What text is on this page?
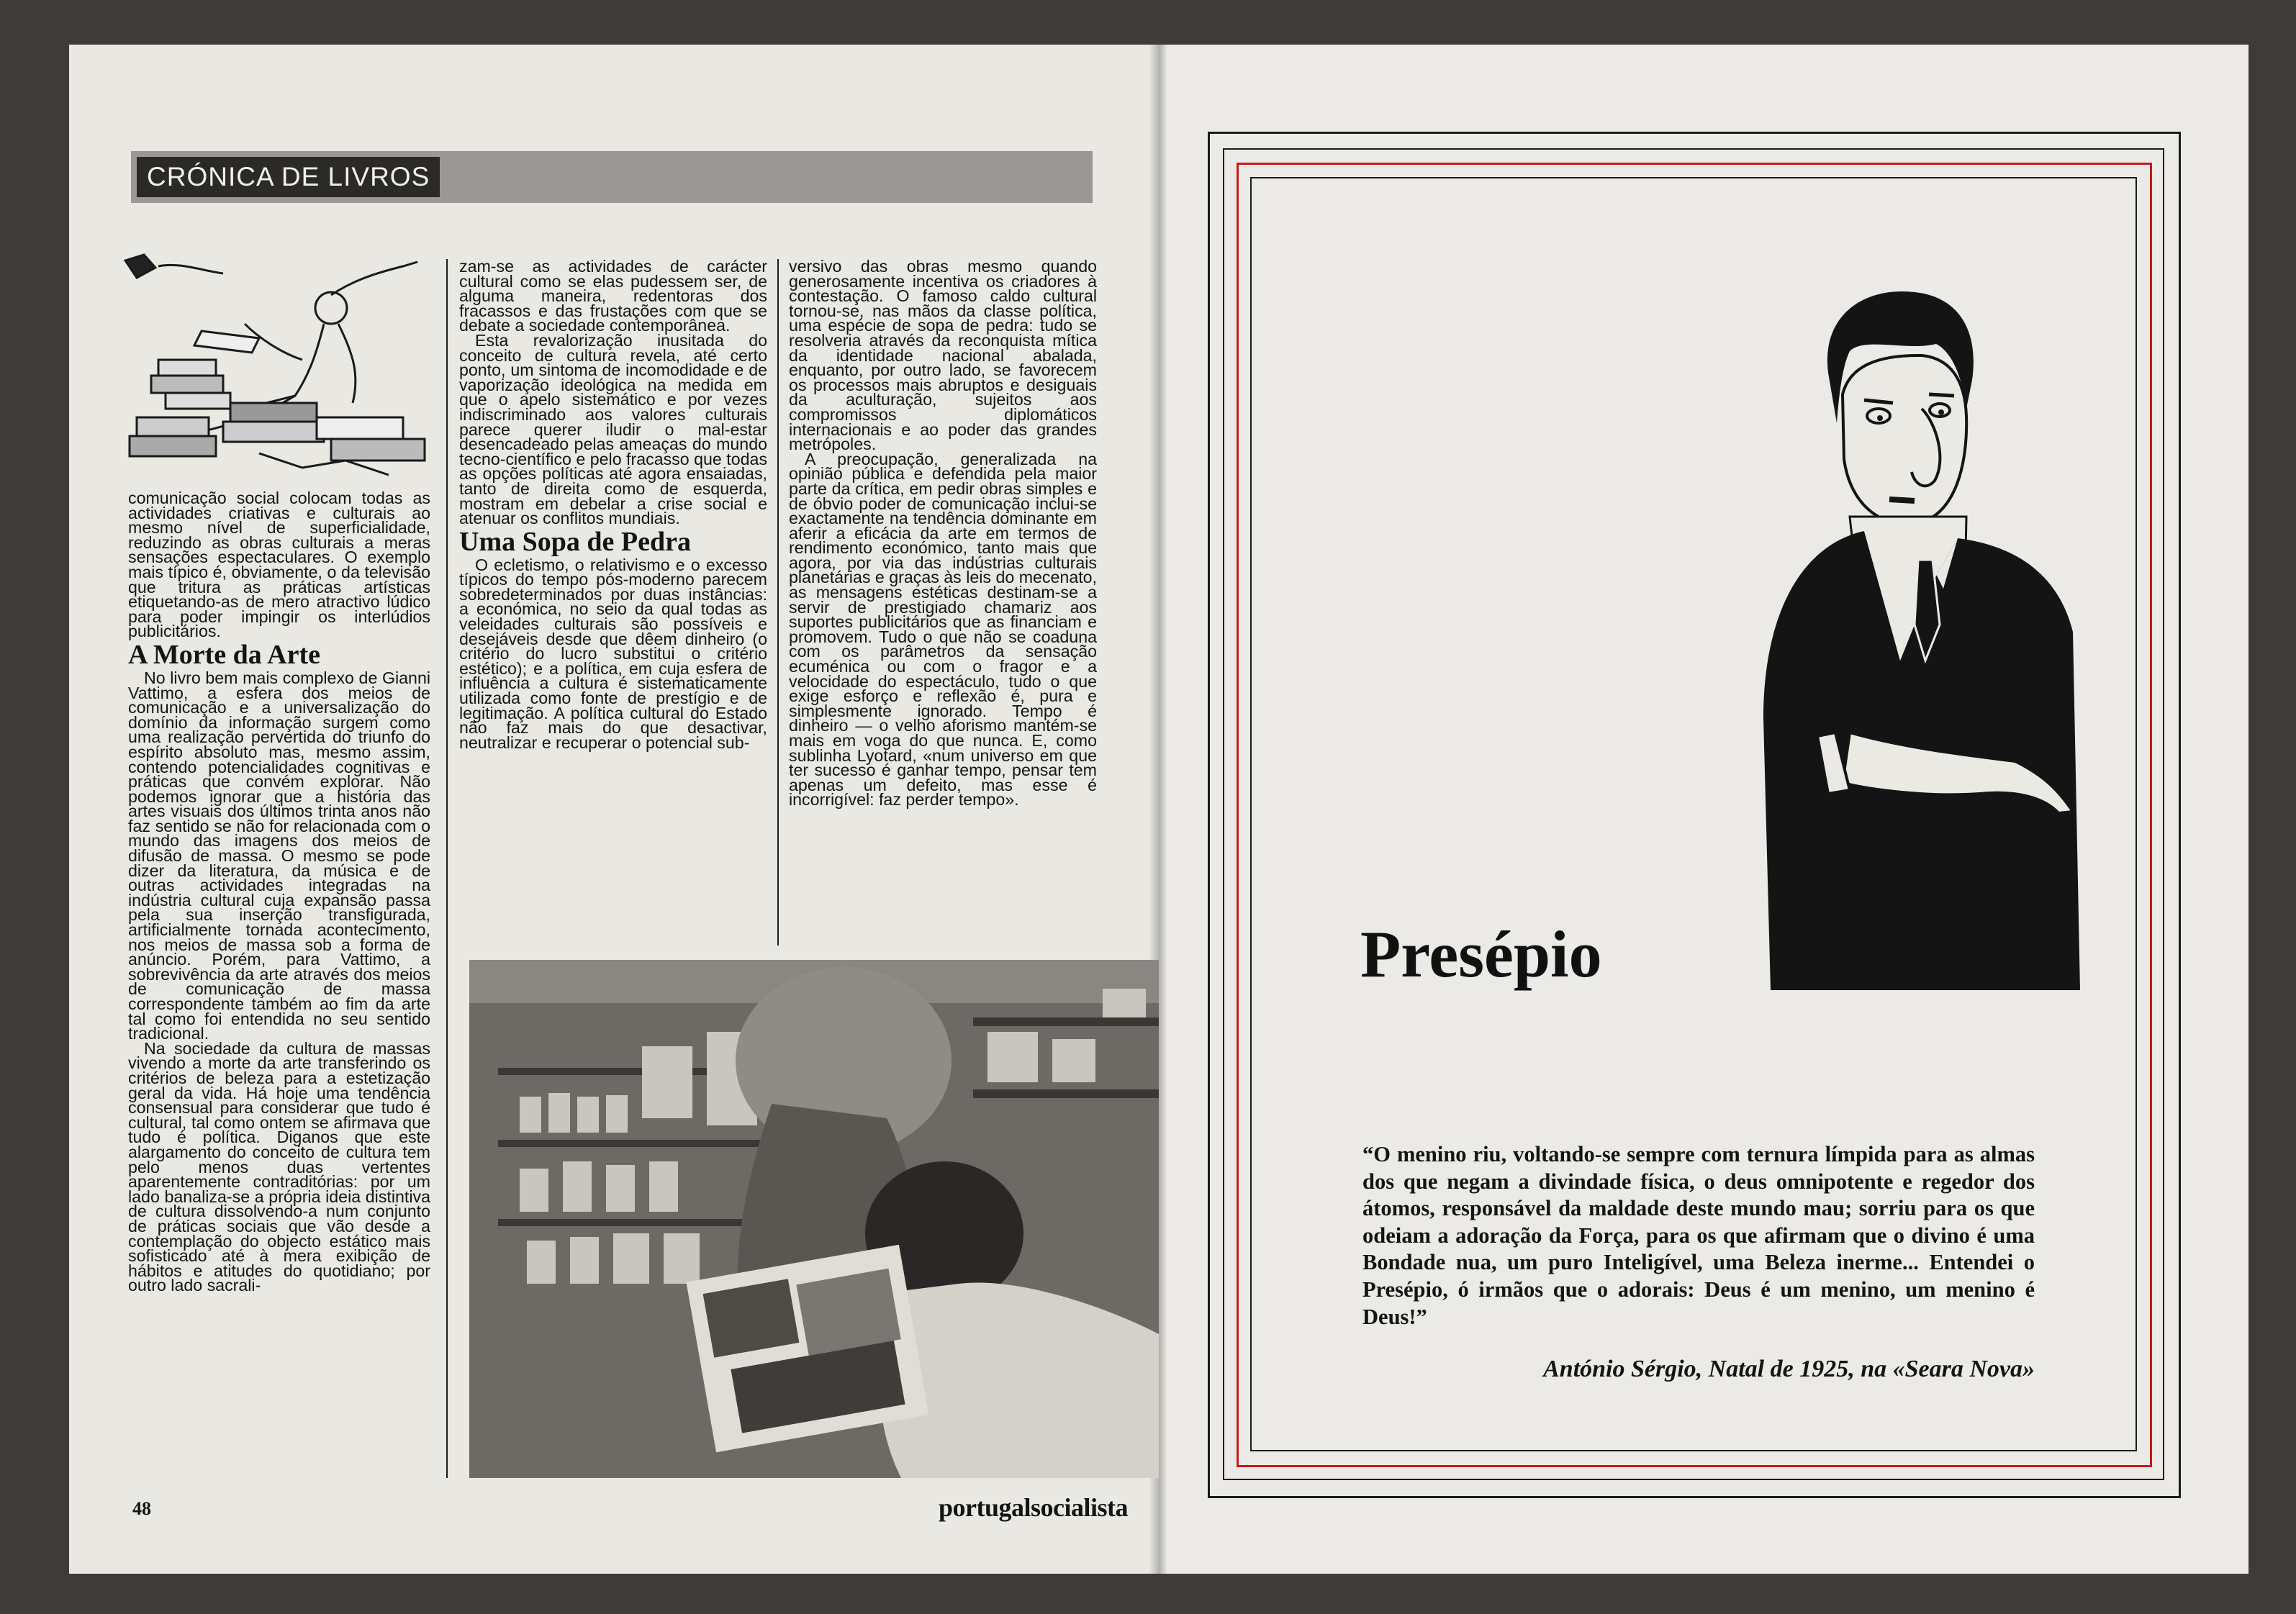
CRÓNICA DE LIVROS

comunicação social colocam todas as actividades criativas e culturais ao mesmo nível de superficialidade, reduzindo as obras culturais a meras sensações espectaculares. O exemplo mais típico é, obviamente, o da televisão que tritura as práticas artísticas etiquetando-as de mero atractivo lúdico para poder impingir os interlúdios publicitários.

A Morte da Arte

No livro bem mais complexo de Gianni Vattimo, a esfera dos meios de comunicação e a universalização do domínio da informação surgem como uma realização pervertida do triunfo do espírito absoluto mas, mesmo assim, contendo potencialidades cognitivas e práticas que convém explorar. Não podemos ignorar que a história das artes visuais dos últimos trinta anos não faz sentido se não for relacionada com o mundo das imagens dos meios de difusão de massa. O mesmo se pode dizer da literatura, da música e de outras actividades integradas na indústria cultural cuja expansão passa pela sua inserção transfigurada, artificialmente tornada acontecimento, nos meios de massa sob a forma de anúncio. Porém, para Vattimo, a sobrevivência da arte através dos meios de comunicação de massa correspondente também ao fim da arte tal como foi entendida no seu sentido tradicional.

Na sociedade da cultura de massas vivendo a morte da arte transferindo os critérios de beleza para a estetização geral da vida. Há hoje uma tendência consensual para considerar que tudo é cultural, tal como ontem se afirmava que tudo é política. Diganos que este alargamento do conceito de cultura tem pelo menos duas vertentes aparentemente contraditórias: por um lado banaliza-se a própria ideia distintiva de cultura dissolvendo-a num conjunto de práticas sociais que vão desde a contemplação do objecto estático mais sofisticado até à mera exibição de hábitos e atitudes do quotidiano; por outro lado sacrali-

zam-se as actividades de carácter cultural como se elas pudessem ser, de alguma maneira, redentoras dos fracassos e das frustações com que se debate a sociedade contemporânea.

Esta revalorização inusitada do conceito de cultura revela, até certo ponto, um sintoma de incomodidade e de vaporização ideológica na medida em que o apelo sistemático e por vezes indiscriminado aos valores culturais parece querer iludir o mal-estar desencadeado pelas ameaças do mundo tecno-científico e pelo fracasso que todas as opções políticas até agora ensaiadas, tanto de direita como de esquerda, mostram em debelar a crise social e atenuar os conflitos mundiais.

Uma Sopa de Pedra

O ecletismo, o relativismo e o excesso típicos do tempo pós-moderno parecem sobredeterminados por duas instâncias: a económica, no seio da qual todas as veleidades culturais são possíveis e desejáveis desde que dêem dinheiro (o critério do lucro substitui o critério estético); e a política, em cuja esfera de influência a cultura é sistematicamente utilizada como fonte de prestígio e de legitimação. A política cultural do Estado não faz mais do que desactivar, neutralizar e recuperar o potencial sub-

versivo das obras mesmo quando generosamente incentiva os criadores à contestação. O famoso caldo cultural tornou-se, nas mãos da classe política, uma espécie de sopa de pedra: tudo se resolveria através da reconquista mítica da identidade nacional abalada, enquanto, por outro lado, se favorecem os processos mais abruptos e desiguais da aculturação, sujeitos aos compromissos diplomáticos internacionais e ao poder das grandes metrópoles.

A preocupação, generalizada na opinião pública e defendida pela maior parte da crítica, em pedir obras simples e de óbvio poder de comunicação inclui-se exactamente na tendência dominante em aferir a eficácia da arte em termos de rendimento económico, tanto mais que agora, por via das indústrias culturais planetárias e graças às leis do mecenato, as mensagens estéticas destinam-se a servir de prestigiado chamariz aos suportes publicitários que as financiam e promovem. Tudo o que não se coaduna com os parâmetros da sensação ecuménica ou com o fragor e a velocidade do espectáculo, tudo o que exige esforço e reflexão é, pura e simplesmente ignorado. Tempo é dinheiro — o velho aforismo mantém-se mais em voga do que nunca. E, como sublinha Lyotard, «num universo em que ter sucesso é ganhar tempo, pensar tem apenas um defeito, mas esse é incorrigível: faz perder tempo».

48	portugalsocialista
Presépio
“O menino riu, voltando-se sempre com ternura límpida para as almas dos que negam a divindade física, o deus omnipotente e regedor dos átomos, responsável da maldade deste mundo mau; sorriu para os que odeiam a adoração da Força, para os que afirmam que o divino é uma Bondade nua, um puro Inteligível, uma Beleza inerme... Entendei o Presépio, ó irmãos que o adorais: Deus é um menino, um menino é Deus!”
António Sérgio, Natal de 1925, na «Seara Nova»
